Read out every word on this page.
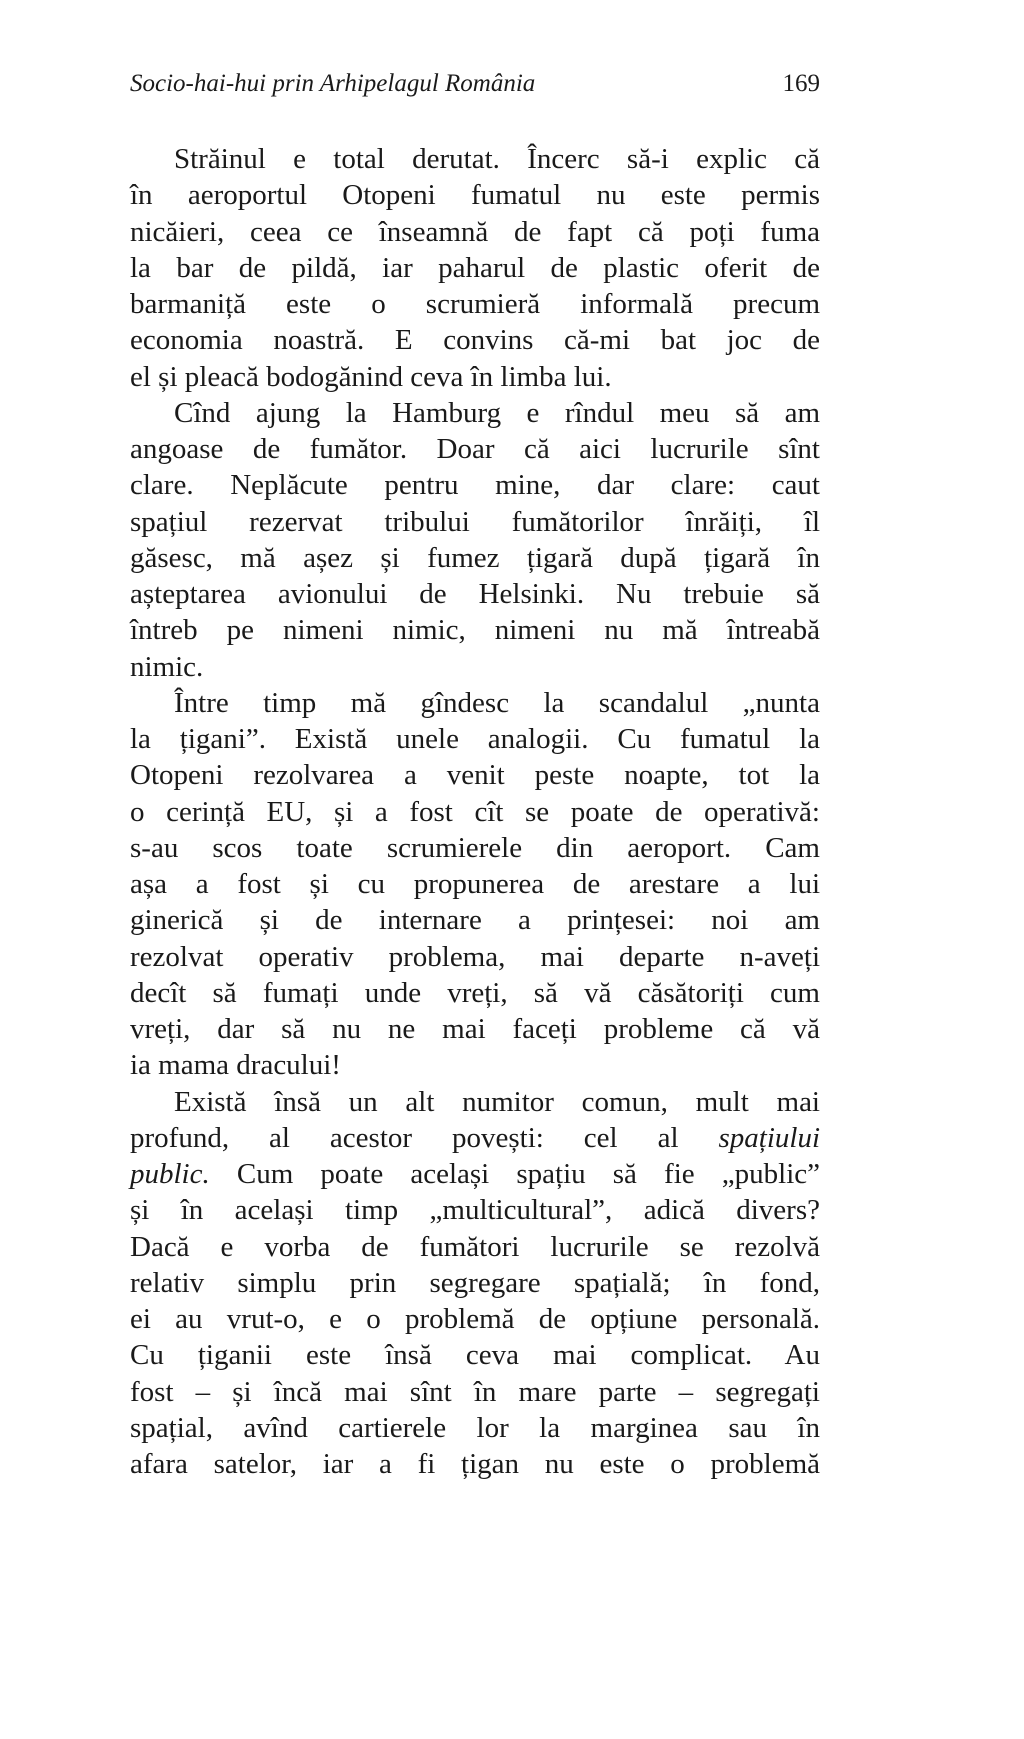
Socio-hai-hui prin Arhipelagul România	169
Străinul e total derutat. Încerc să-i explic că
în aeroportul Otopeni fumatul nu este permis
nicăieri, ceea ce înseamnă de fapt că poți fuma
la bar de pildă, iar paharul de plastic oferit de
barmaniță este o scrumieră informală precum
economia noastră. E convins că-mi bat joc de
el și pleacă bodogănind ceva în limba lui.
Cînd ajung la Hamburg e rîndul meu să am
angoase de fumător. Doar că aici lucrurile sînt
clare. Neplăcute pentru mine, dar clare: caut
spațiul rezervat tribului fumătorilor înrăiți, îl
găsesc, mă așez și fumez țigară după țigară în
așteptarea avionului de Helsinki. Nu trebuie să
întreb pe nimeni nimic, nimeni nu mă întreabă
nimic.
Între timp mă gîndesc la scandalul „nunta
la țigani”. Există unele analogii. Cu fumatul la
Otopeni rezolvarea a venit peste noapte, tot la
o cerință EU, și a fost cît se poate de operativă:
s-au scos toate scrumierele din aeroport. Cam
așa a fost și cu propunerea de arestare a lui
ginerică și de internare a prințesei: noi am
rezolvat operativ problema, mai departe n-aveți
decît să fumați unde vreți, să vă căsătoriți cum
vreți, dar să nu ne mai faceți probleme că vă
ia mama dracului!
Există însă un alt numitor comun, mult mai
profund, al acestor povești: cel al spațiului
public. Cum poate același spațiu să fie „public”
și în același timp „multicultural”, adică divers?
Dacă e vorba de fumători lucrurile se rezolvă
relativ simplu prin segregare spațială; în fond,
ei au vrut-o, e o problemă de opțiune personală.
Cu țiganii este însă ceva mai complicat. Au
fost – și încă mai sînt în mare parte – segregați
spațial, avînd cartierele lor la marginea sau în
afara satelor, iar a fi țigan nu este o problemă
